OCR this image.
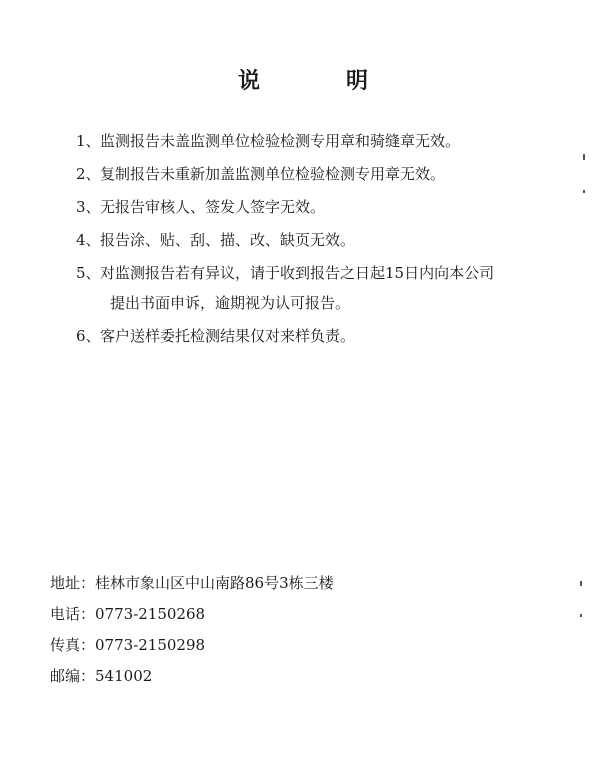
说	明
1、监测报告未盖监测单位检验检测专用章和骑缝章无效。
2、复制报告未重新加盖监测单位检验检测专用章无效。
3、无报告审核人、签发人签字无效。
4、报告涂、贴、刮、描、改、缺页无效。
5、对监测报告若有异议，请于收到报告之日起15日内向本公司
提出书面申诉，逾期视为认可报告。
6、客户送样委托检测结果仅对来样负责。
地址：桂林市象山区中山南路86号3栋三楼
电话：0773-2150268
传真：0773-2150298
邮编：541002
